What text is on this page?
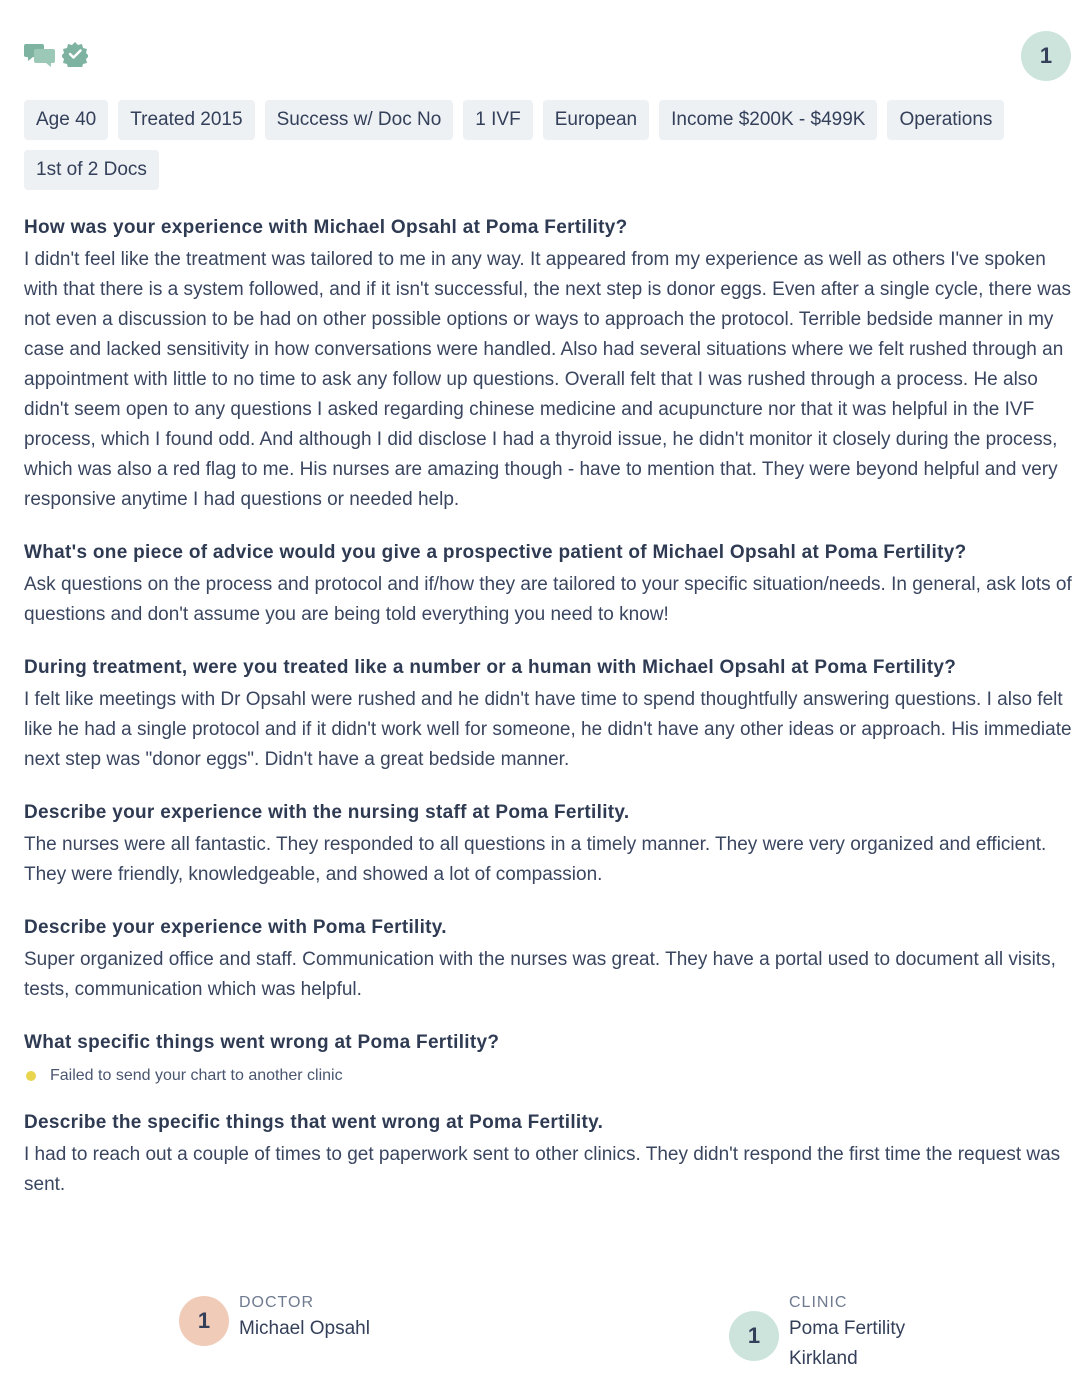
1
Age 40	Treated 2015	Success w/ Doc No	1 IVF	European	Income $200K - $499K	Operations
1st of 2 Docs

How was your experience with Michael Opsahl at Poma Fertility?

I didn't feel like the treatment was tailored to me in any way. It appeared from my experience as well as others I've spoken with that there is a system followed, and if it isn't successful, the next step is donor eggs. Even after a single cycle, there was not even a discussion to be had on other possible options or ways to approach the protocol. Terrible bedside manner in my case and lacked sensitivity in how conversations were handled. Also had several situations where we felt rushed through an appointment with little to no time to ask any follow up questions. Overall felt that I was rushed through a process. He also didn't seem open to any questions I asked regarding chinese medicine and acupuncture nor that it was helpful in the IVF process, which I found odd. And although I did disclose I had a thyroid issue, he didn't monitor it closely during the process, which was also a red flag to me. His nurses are amazing though - have to mention that. They were beyond helpful and very responsive anytime I had questions or needed help.

What's one piece of advice would you give a prospective patient of Michael Opsahl at Poma Fertility?

Ask questions on the process and protocol and if/how they are tailored to your specific situation/needs. In general, ask lots of questions and don't assume you are being told everything you need to know!

During treatment, were you treated like a number or a human with Michael Opsahl at Poma Fertility?

I felt like meetings with Dr Opsahl were rushed and he didn't have time to spend thoughtfully answering questions. I also felt like he had a single protocol and if it didn't work well for someone, he didn't have any other ideas or approach. His immediate next step was "donor eggs". Didn't have a great bedside manner.

Describe your experience with the nursing staff at Poma Fertility.

The nurses were all fantastic. They responded to all questions in a timely manner. They were very organized and efficient. They were friendly, knowledgeable, and showed a lot of compassion.

Describe your experience with Poma Fertility.

Super organized office and staff. Communication with the nurses was great. They have a portal used to document all visits, tests, communication which was helpful.

What specific things went wrong at Poma Fertility?

Failed to send your chart to another clinic

Describe the specific things that went wrong at Poma Fertility.

I had to reach out a couple of times to get paperwork sent to other clinics. They didn't respond the first time the request was sent.

1
DOCTOR
Michael Opsahl	1
CLINIC
Poma Fertility
Kirkland
